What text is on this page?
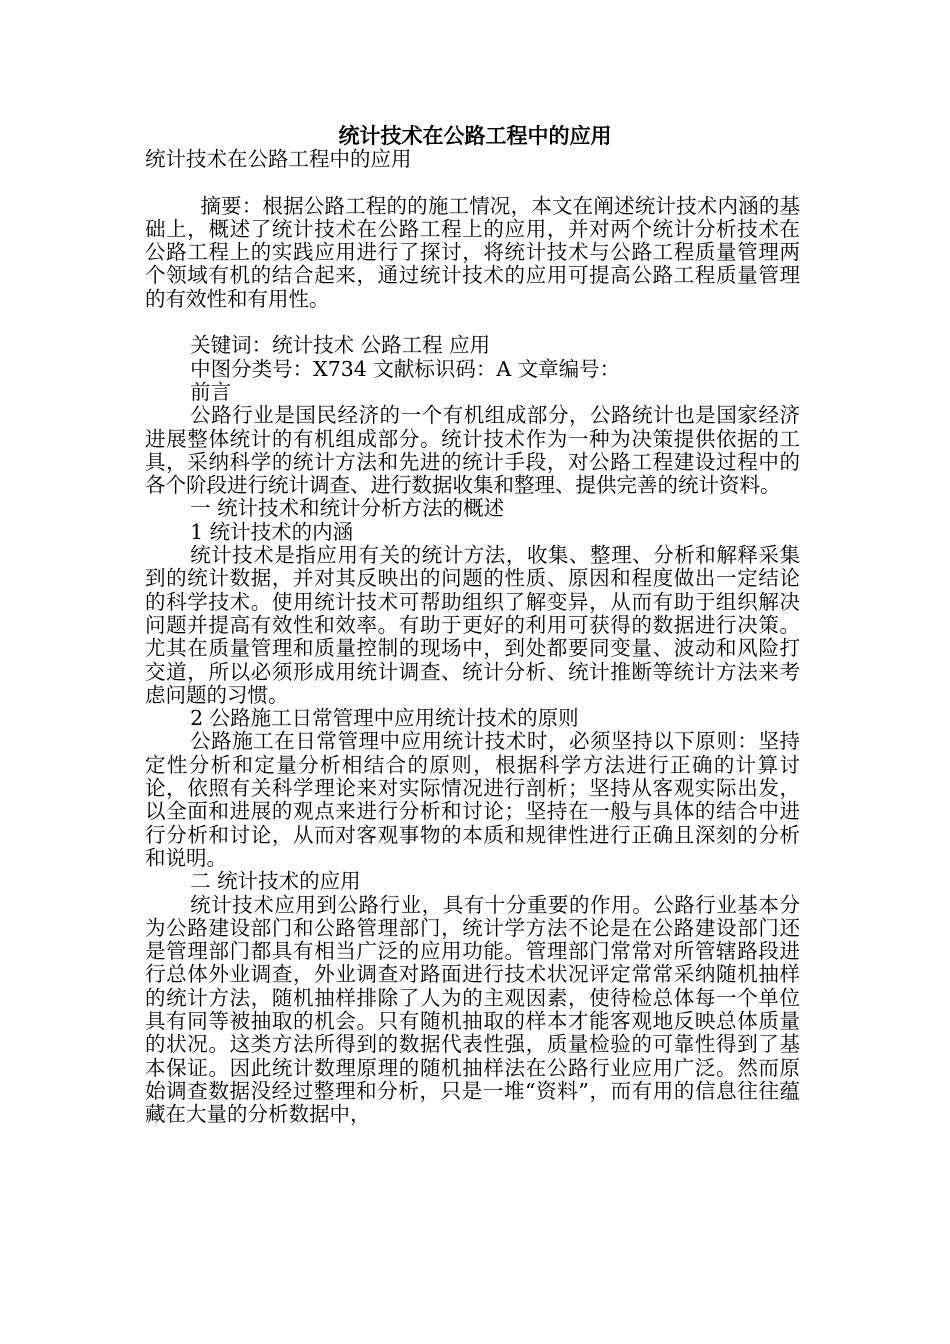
统计技术在公路工程中的应用

统计技术在公路工程中的应用

摘要：根据公路工程的的施工情况，本文在阐述统计技术内涵的基础上，概述了统计技术在公路工程上的应用，并对两个统计分析技术在公路工程上的实践应用进行了探讨，将统计技术与公路工程质量管理两个领域有机的结合起来，通过统计技术的应用可提高公路工程质量管理的有效性和有用性。

关键词：统计技术 公路工程 应用

中图分类号：X734 文献标识码：A 文章编号：

前言

公路行业是国民经济的一个有机组成部分，公路统计也是国家经济进展整体统计的有机组成部分。统计技术作为一种为决策提供依据的工具，采纳科学的统计方法和先进的统计手段，对公路工程建设过程中的各个阶段进行统计调查、进行数据收集和整理、提供完善的统计资料。

一 统计技术和统计分析方法的概述

1 统计技术的内涵

统计技术是指应用有关的统计方法，收集、整理、分析和解释采集到的统计数据，并对其反映出的问题的性质、原因和程度做出一定结论的科学技术。使用统计技术可帮助组织了解变异，从而有助于组织解决问题并提高有效性和效率。有助于更好的利用可获得的数据进行决策。尤其在质量管理和质量控制的现场中，到处都要同变量、波动和风险打交道，所以必须形成用统计调查、统计分析、统计推断等统计方法来考虑问题的习惯。

2 公路施工日常管理中应用统计技术的原则

公路施工在日常管理中应用统计技术时，必须坚持以下原则：坚持定性分析和定量分析相结合的原则，根据科学方法进行正确的计算讨论，依照有关科学理论来对实际情况进行剖析；坚持从客观实际出发，以全面和进展的观点来进行分析和讨论；坚持在一般与具体的结合中进行分析和讨论，从而对客观事物的本质和规律性进行正确且深刻的分析和说明。

二 统计技术的应用

统计技术应用到公路行业，具有十分重要的作用。公路行业基本分为公路建设部门和公路管理部门，统计学方法不论是在公路建设部门还是管理部门都具有相当广泛的应用功能。管理部门常常对所管辖路段进行总体外业调查，外业调查对路面进行技术状况评定常常采纳随机抽样的统计方法，随机抽样排除了人为的主观因素，使待检总体每一个单位具有同等被抽取的机会。只有随机抽取的样本才能客观地反映总体质量的状况。这类方法所得到的数据代表性强，质量检验的可靠性得到了基本保证。因此统计数理原理的随机抽样法在公路行业应用广泛。然而原始调查数据没经过整理和分析，只是一堆“资料”，而有用的信息往往蕴藏在大量的分析数据中，
